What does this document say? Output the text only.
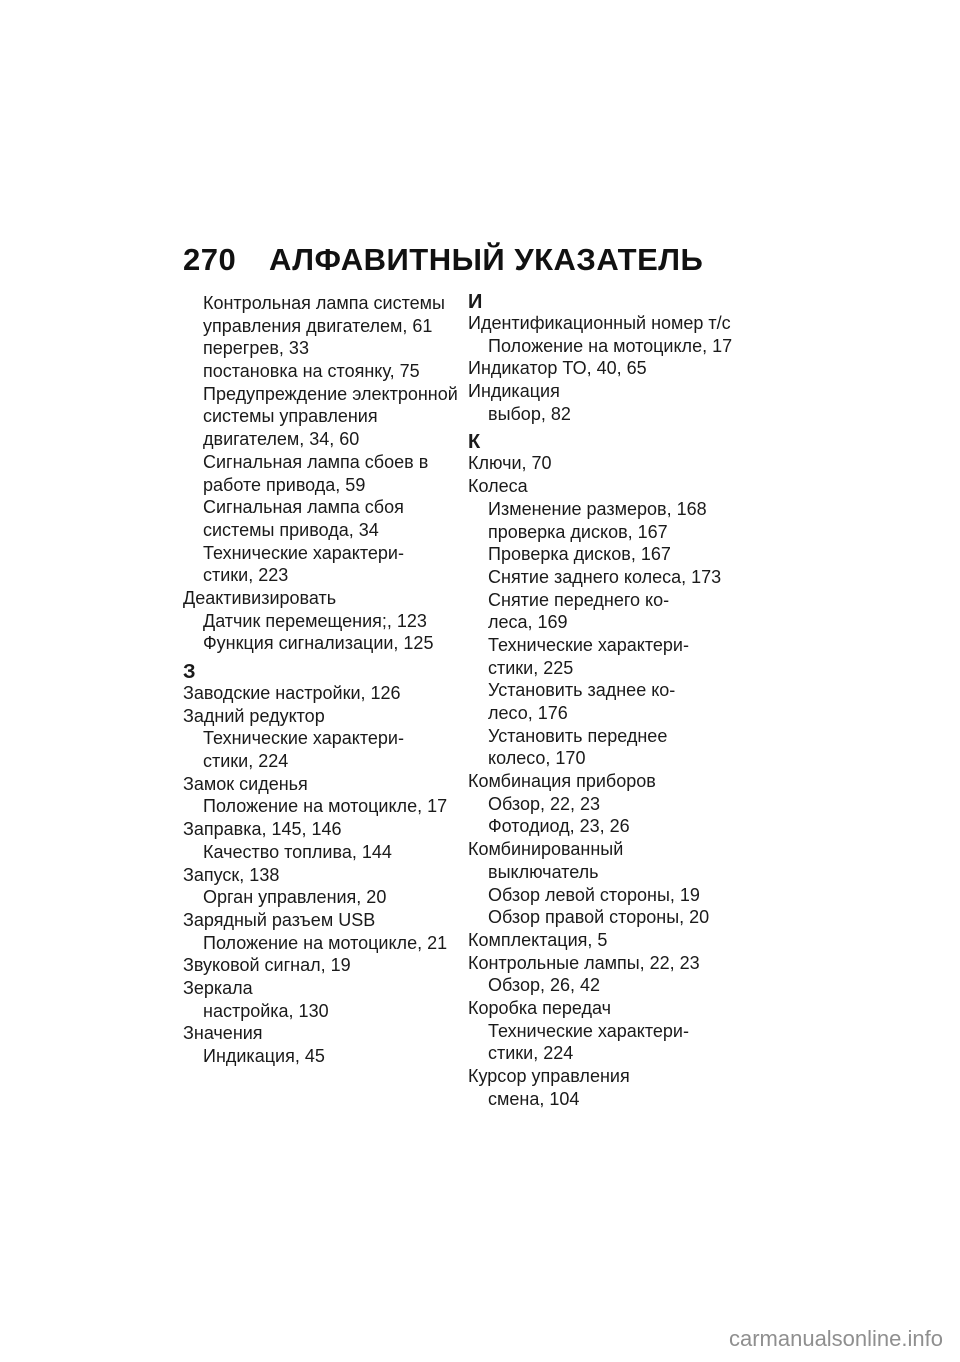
270	АЛФАВИТНЫЙ УКАЗАТЕЛЬ
Контрольная лампа системы
управления двигателем, 61
перегрев, 33
постановка на стоянку, 75
Предупреждение электронной
системы управления
двигателем, 34, 60
Сигнальная лампа сбоев в
работе привода, 59
Сигнальная лампа сбоя
системы привода, 34
Технические характери-
стики, 223
Деактивизировать
Датчик перемещения;, 123
Функция сигнализации, 125
З
Заводские настройки, 126
Задний редуктор
Технические характери-
стики, 224
Замок сиденья
Положение на мотоцикле, 17
Заправка, 145, 146
Качество топлива, 144
Запуск, 138
Орган управления, 20
Зарядный разъем USB
Положение на мотоцикле, 21
Звуковой сигнал, 19
Зеркала
настройка, 130
Значения
Индикация, 45
И
Идентификационный номер т/с
Положение на мотоцикле, 17
Индикатор ТО, 40, 65
Индикация
выбор, 82
К
Ключи, 70
Колеса
Изменение размеров, 168
проверка дисков, 167
Проверка дисков, 167
Снятие заднего колеса, 173
Снятие переднего ко-
леса, 169
Технические характери-
стики, 225
Установить заднее ко-
лесо, 176
Установить переднее
колесо, 170
Комбинация приборов
Обзор, 22, 23
Фотодиод, 23, 26
Комбинированный
выключатель
Обзор левой стороны, 19
Обзор правой стороны, 20
Комплектация, 5
Контрольные лампы, 22, 23
Обзор, 26, 42
Коробка передач
Технические характери-
стики, 224
Курсор управления
смена, 104
carmanualsonline.info
